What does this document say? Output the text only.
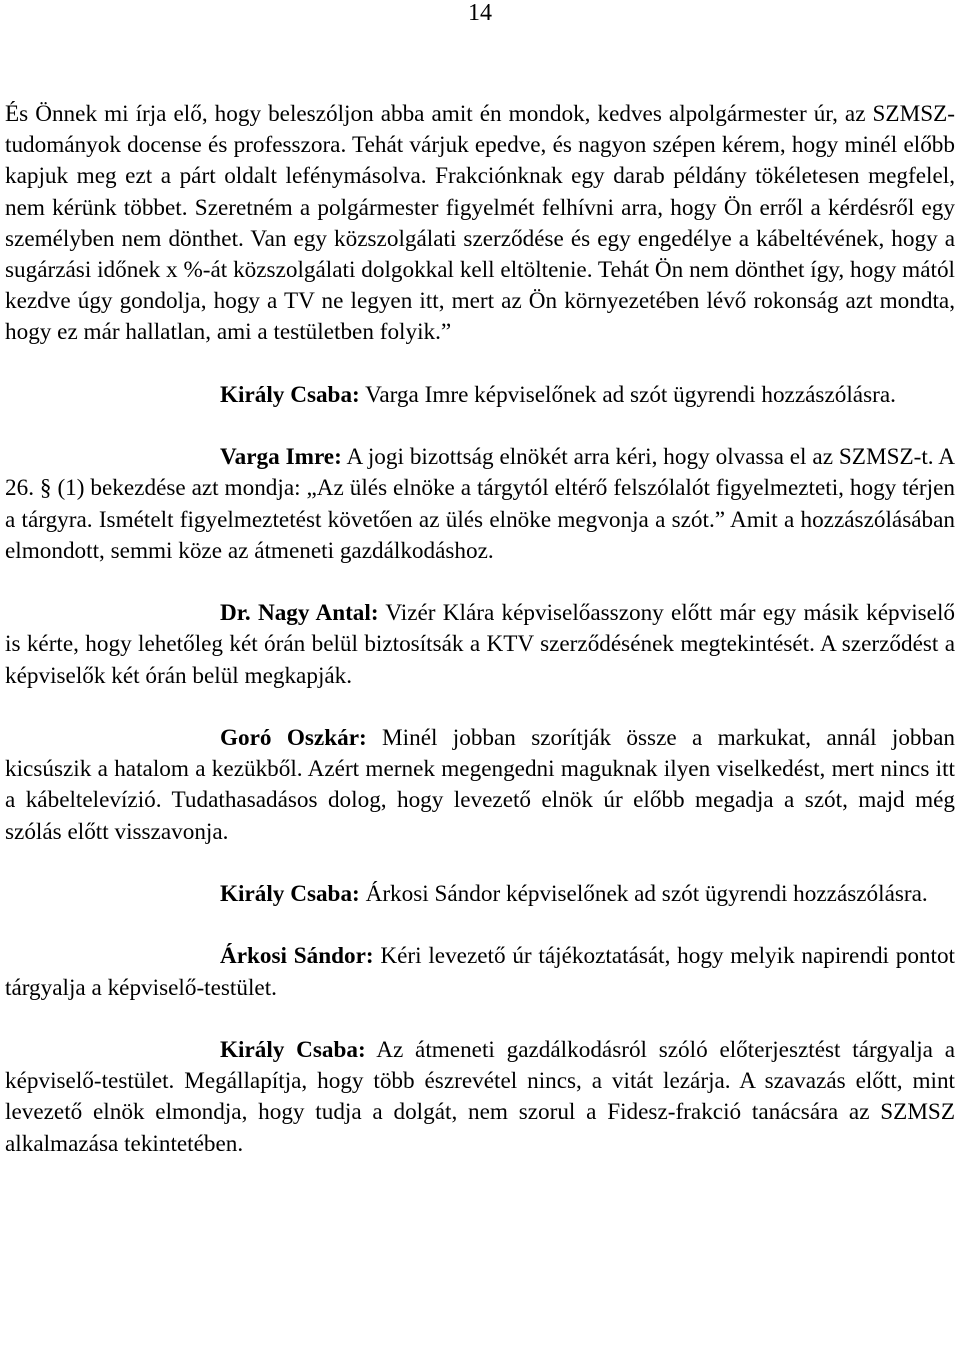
14

És Önnek mi írja elő, hogy beleszóljon abba amit én mondok, kedves alpolgármester úr, az SZMSZ-tudományok docense és professzora. Tehát várjuk epedve, és nagyon szépen kérem, hogy minél előbb kapjuk meg ezt a párt oldalt lefénymásolva. Frakciónknak egy darab példány tökéletesen megfelel, nem kérünk többet. Szeretném a polgármester figyelmét felhívni arra, hogy Ön erről a kérdésről egy személyben nem dönthet. Van egy közszolgálati szerződése és egy engedélye a kábeltévének, hogy a sugárzási időnek x %-át közszolgálati dolgokkal kell eltöltenie. Tehát Ön nem dönthet így, hogy mától kezdve úgy gondolja, hogy a TV ne legyen itt, mert az Ön környezetében lévő rokonság azt mondta, hogy ez már hallatlan, ami a testületben folyik.”

Király Csaba: Varga Imre képviselőnek ad szót ügyrendi hozzászólásra.

Varga Imre: A jogi bizottság elnökét arra kéri, hogy olvassa el az SZMSZ-t. A 26. § (1) bekezdése azt mondja: „Az ülés elnöke a tárgytól eltérő felszólalót figyelmezteti, hogy térjen a tárgyra. Ismételt figyelmeztetést követően az ülés elnöke megvonja a szót.” Amit a hozzászólásában elmondott, semmi köze az átmeneti gazdálkodáshoz.

Dr. Nagy Antal: Vizér Klára képviselőasszony előtt már egy másik képviselő is kérte, hogy lehetőleg két órán belül biztosítsák a KTV szerződésének megtekintését. A szerződést a képviselők két órán belül megkapják.

Goró Oszkár: Minél jobban szorítják össze a markukat, annál jobban kicsúszik a hatalom a kezükből. Azért mernek megengedni maguknak ilyen viselkedést, mert nincs itt a kábeltelevízió. Tudathasadásos dolog, hogy levezető elnök úr előbb megadja a szót, majd még szólás előtt visszavonja.

Király Csaba: Árkosi Sándor képviselőnek ad szót ügyrendi hozzászólásra.

Árkosi Sándor: Kéri levezető úr tájékoztatását, hogy melyik napirendi pontot tárgyalja a képviselő-testület.

Király Csaba: Az átmeneti gazdálkodásról szóló előterjesztést tárgyalja a képviselő-testület. Megállapítja, hogy több észrevétel nincs, a vitát lezárja. A szavazás előtt, mint levezető elnök elmondja, hogy tudja a dolgát, nem szorul a Fidesz-frakció tanácsára az SZMSZ alkalmazása tekintetében.
